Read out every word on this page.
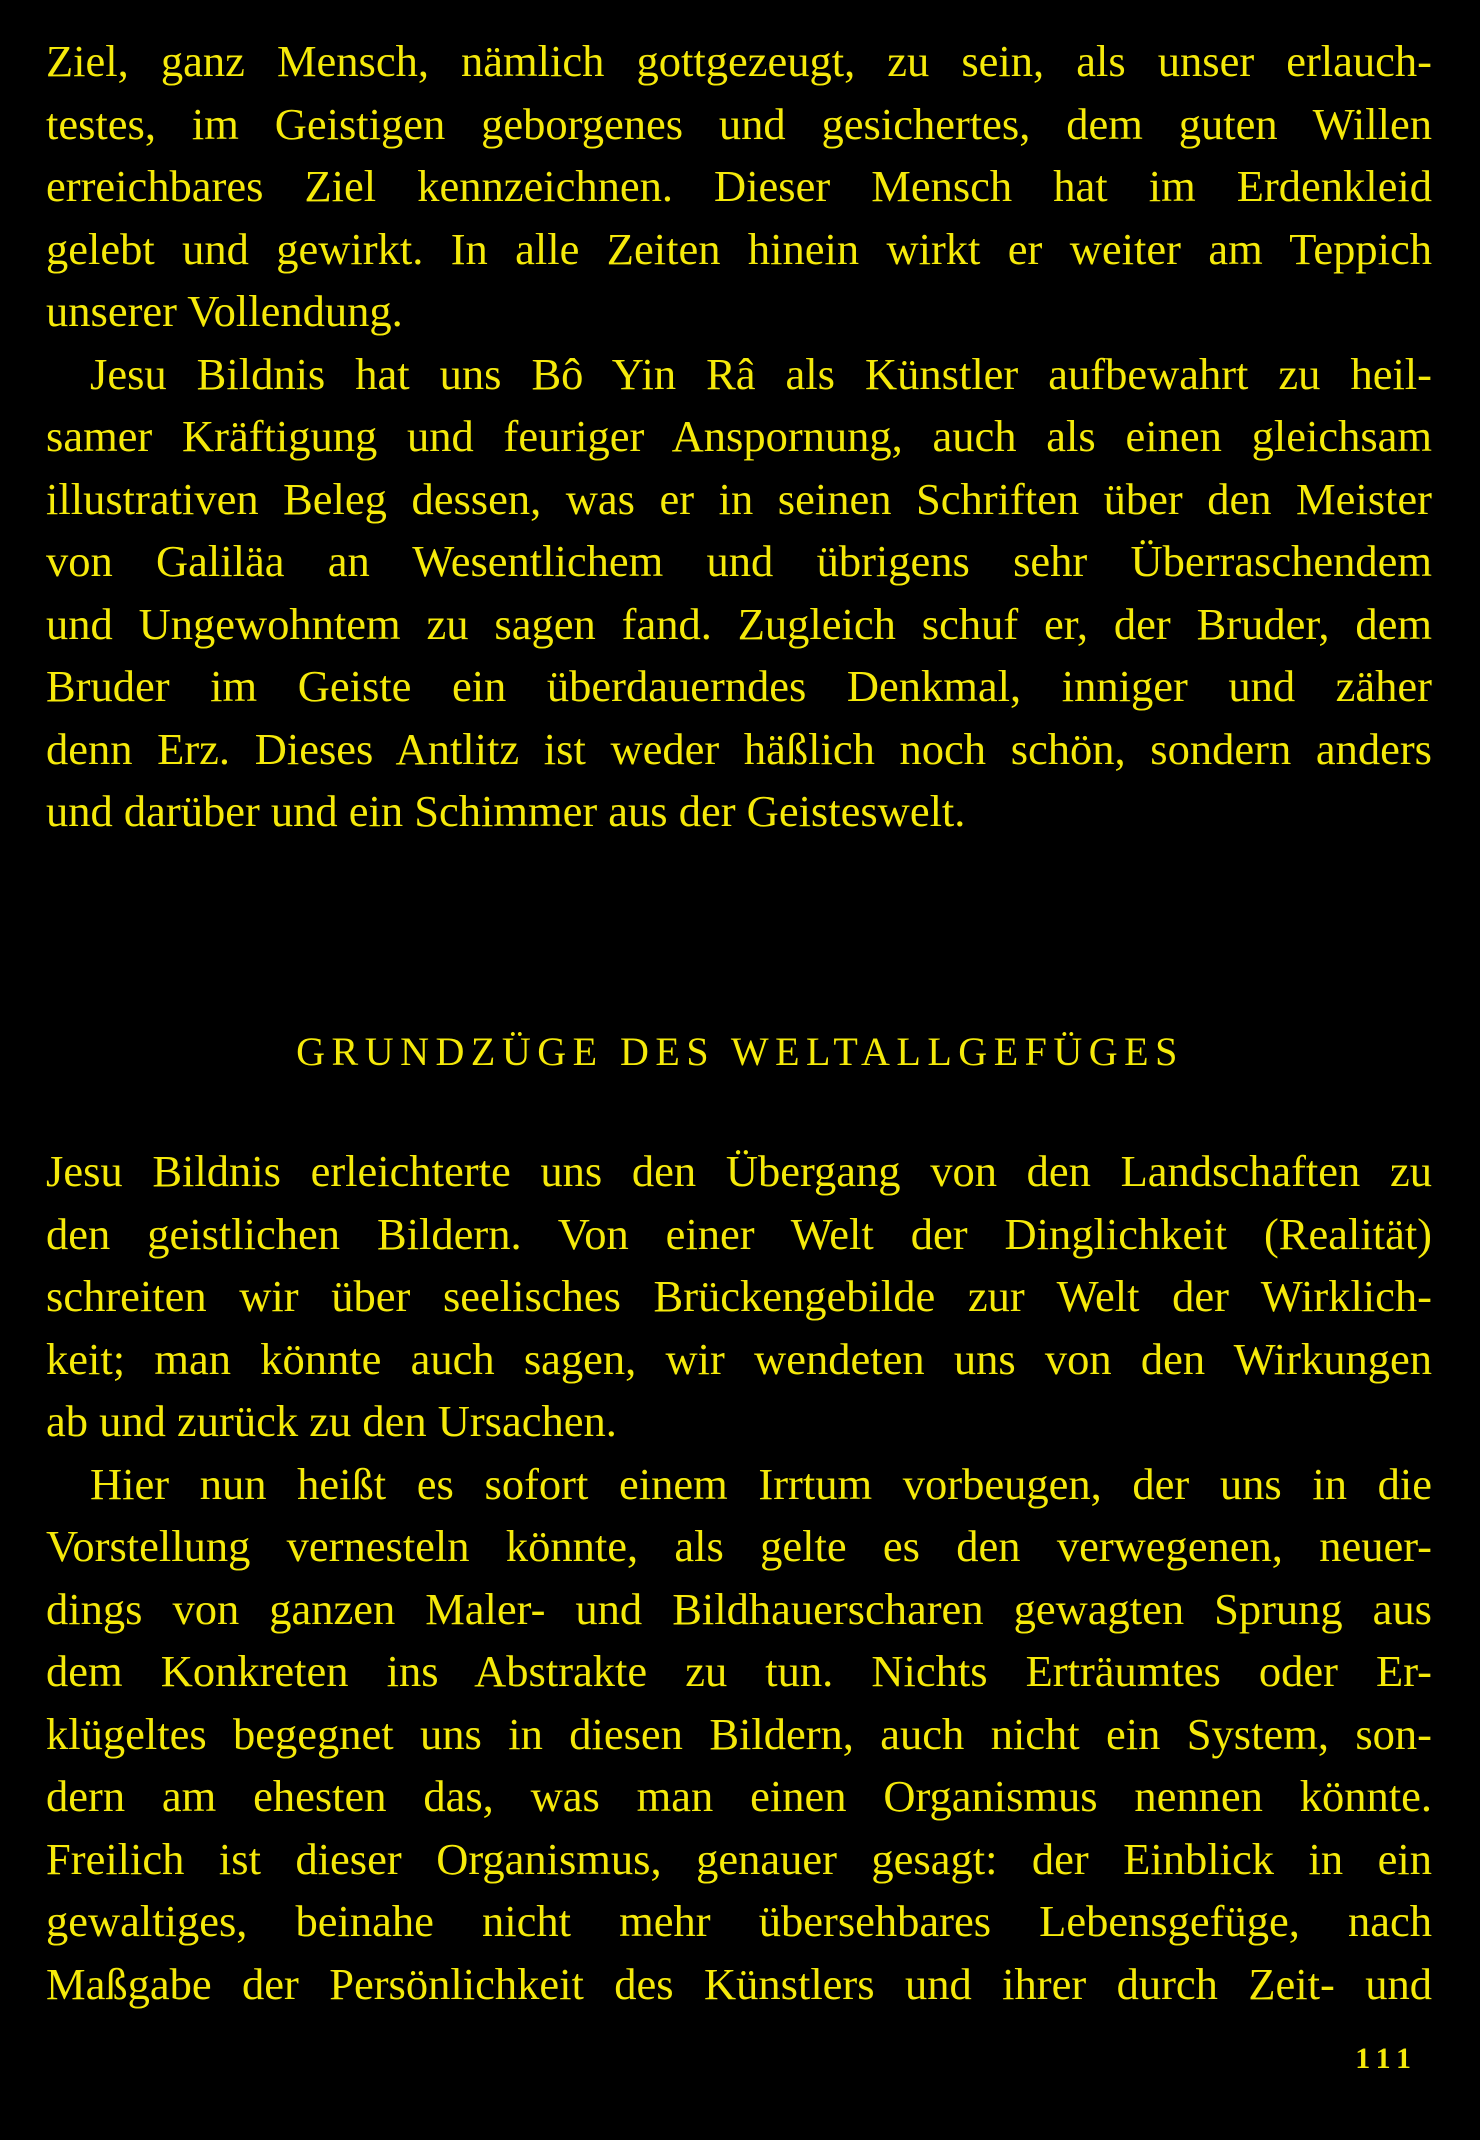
Ziel, ganz Mensch, nämlich gottgezeugt, zu sein, als unser erlauch-
testes, im Geistigen geborgenes und gesichertes, dem guten Willen
erreichbares Ziel kennzeichnen. Dieser Mensch hat im Erdenkleid
gelebt und gewirkt. In alle Zeiten hinein wirkt er weiter am Teppich
unserer Vollendung.
Jesu Bildnis hat uns Bô Yin Râ als Künstler aufbewahrt zu heil-
samer Kräftigung und feuriger Anspornung, auch als einen gleichsam
illustrativen Beleg dessen, was er in seinen Schriften über den Meister
von Galiläa an Wesentlichem und übrigens sehr Überraschendem
und Ungewohntem zu sagen fand. Zugleich schuf er, der Bruder, dem
Bruder im Geiste ein überdauerndes Denkmal, inniger und zäher
denn Erz. Dieses Antlitz ist weder häßlich noch schön, sondern anders
und darüber und ein Schimmer aus der Geisteswelt.
GRUNDZÜGE DES WELTALLGEFÜGES
Jesu Bildnis erleichterte uns den Übergang von den Landschaften zu
den geistlichen Bildern. Von einer Welt der Dinglichkeit (Realität)
schreiten wir über seelisches Brückengebilde zur Welt der Wirklich-
keit; man könnte auch sagen, wir wendeten uns von den Wirkungen
ab und zurück zu den Ursachen.
Hier nun heißt es sofort einem Irrtum vorbeugen, der uns in die
Vorstellung vernesteln könnte, als gelte es den verwegenen, neuer-
dings von ganzen Maler- und Bildhauerscharen gewagten Sprung aus
dem Konkreten ins Abstrakte zu tun. Nichts Erträumtes oder Er-
klügeltes begegnet uns in diesen Bildern, auch nicht ein System, son-
dern am ehesten das, was man einen Organismus nennen könnte.
Freilich ist dieser Organismus, genauer gesagt: der Einblick in ein
gewaltiges, beinahe nicht mehr übersehbares Lebensgefüge, nach
Maßgabe der Persönlichkeit des Künstlers und ihrer durch Zeit- und
111
